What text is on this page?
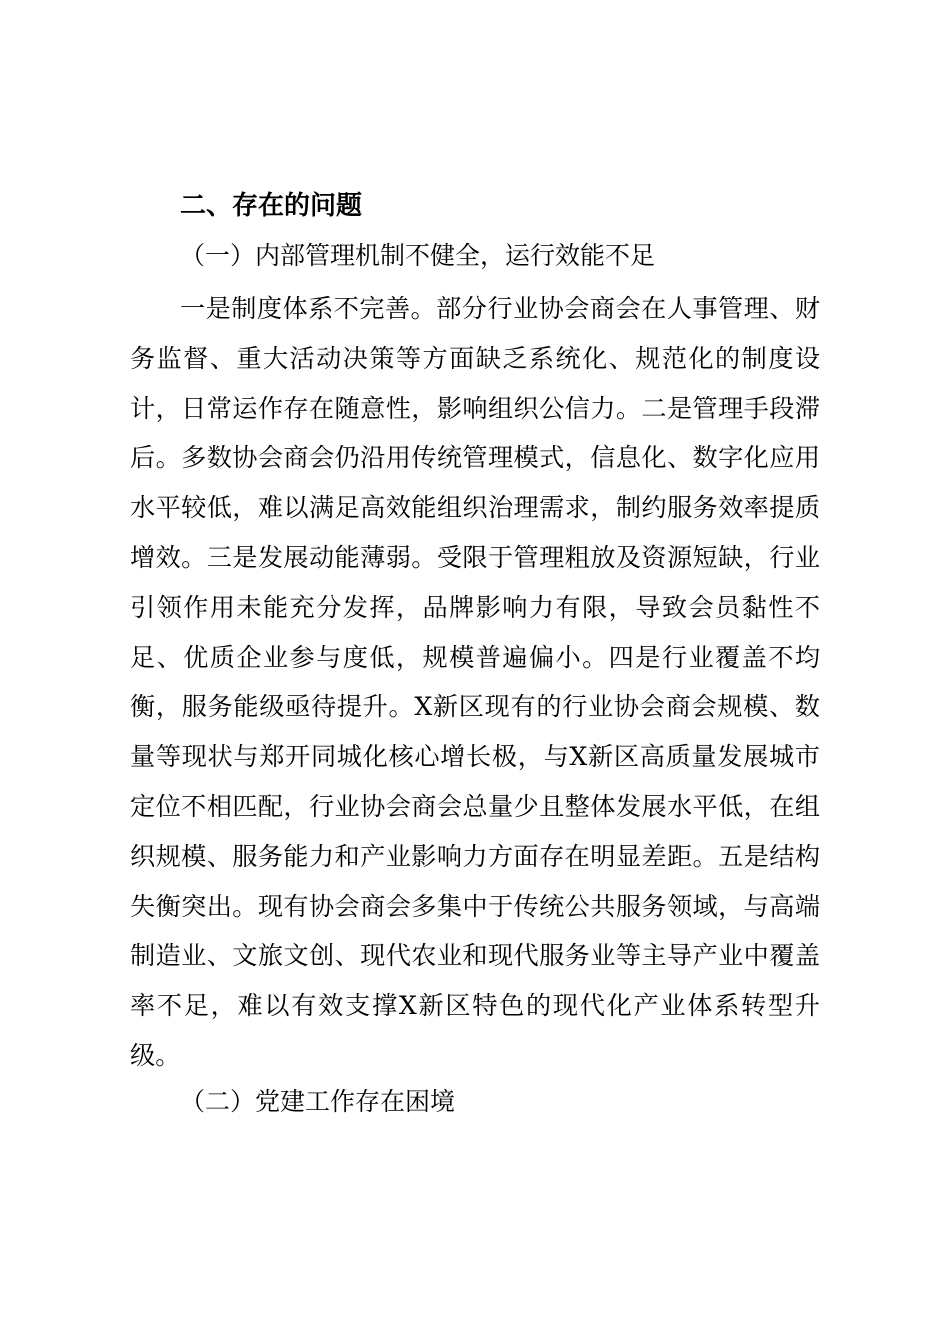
二、存在的问题
（一）内部管理机制不健全，运行效能不足

一是制度体系不完善。部分行业协会商会在人事管理、财务监督、重大活动决策等方面缺乏系统化、规范化的制度设计，日常运作存在随意性，影响组织公信力。二是管理手段滞后。多数协会商会仍沿用传统管理模式，信息化、数字化应用水平较低，难以满足高效能组织治理需求，制约服务效率提质增效。三是发展动能薄弱。受限于管理粗放及资源短缺，行业引领作用未能充分发挥，品牌影响力有限，导致会员黏性不足、优质企业参与度低，规模普遍偏小。四是行业覆盖不均衡，服务能级亟待提升。X新区现有的行业协会商会规模、数量等现状与郑开同城化核心增长极，与X新区高质量发展城市定位不相匹配，行业协会商会总量少且整体发展水平低，在组织规模、服务能力和产业影响力方面存在明显差距。五是结构失衡突出。现有协会商会多集中于传统公共服务领域，与高端制造业、文旅文创、现代农业和现代服务业等主导产业中覆盖率不足，难以有效支撑X新区特色的现代化产业体系转型升级。

（二）党建工作存在困境
